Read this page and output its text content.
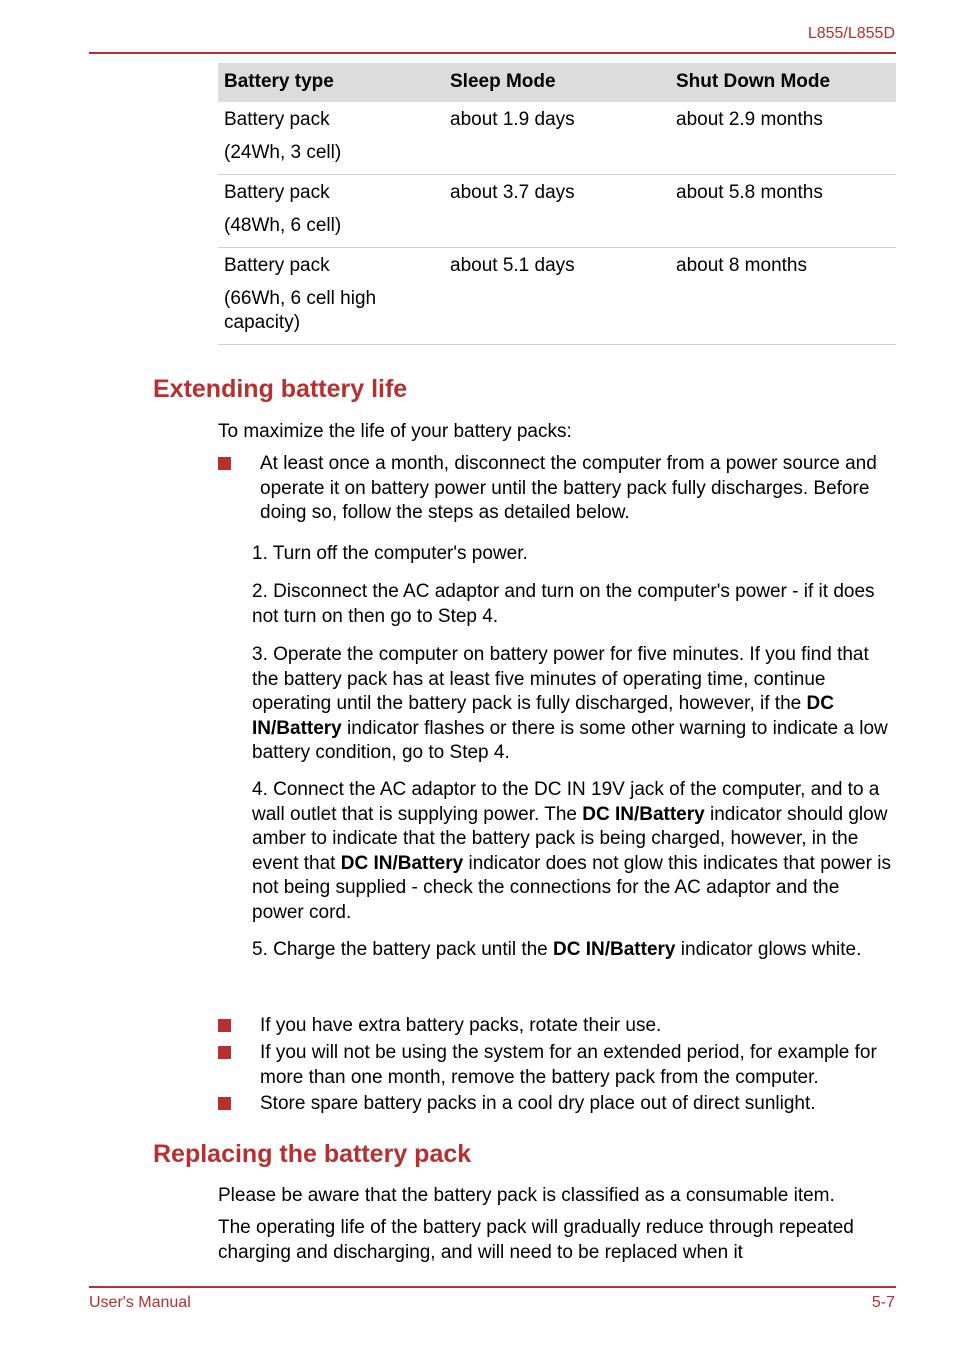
L855/L855D
Battery type	Sleep Mode	Shut Down Mode

Battery pack

(24Wh, 3 cell)	about 1.9 days	about 2.9 months

Battery pack

(48Wh, 6 cell)	about 3.7 days	about 5.8 months

Battery pack

(66Wh, 6 cell high capacity)	about 5.1 days	about 8 months
Extending battery life

To maximize the life of your battery packs:

At least once a month, disconnect the computer from a power source and operate it on battery power until the battery pack fully discharges. Before doing so, follow the steps as detailed below.

1. Turn off the computer's power.

2. Disconnect the AC adaptor and turn on the computer's power - if it does not turn on then go to Step 4.

3. Operate the computer on battery power for five minutes. If you find that the battery pack has at least five minutes of operating time, continue operating until the battery pack is fully discharged, however, if the DC IN/Battery indicator flashes or there is some other warning to indicate a low battery condition, go to Step 4.

4. Connect the AC adaptor to the DC IN 19V jack of the computer, and to a wall outlet that is supplying power. The DC IN/Battery indicator should glow amber to indicate that the battery pack is being charged, however, in the event that DC IN/Battery indicator does not glow this indicates that power is not being supplied - check the connections for the AC adaptor and the power cord.

5. Charge the battery pack until the DC IN/Battery indicator glows white.

If you have extra battery packs, rotate their use.
If you will not be using the system for an extended period, for example for more than one month, remove the battery pack from the computer.
Store spare battery packs in a cool dry place out of direct sunlight.
Replacing the battery pack

Please be aware that the battery pack is classified as a consumable item.

The operating life of the battery pack will gradually reduce through repeated charging and discharging, and will need to be replaced when it

User's Manual	5-7
